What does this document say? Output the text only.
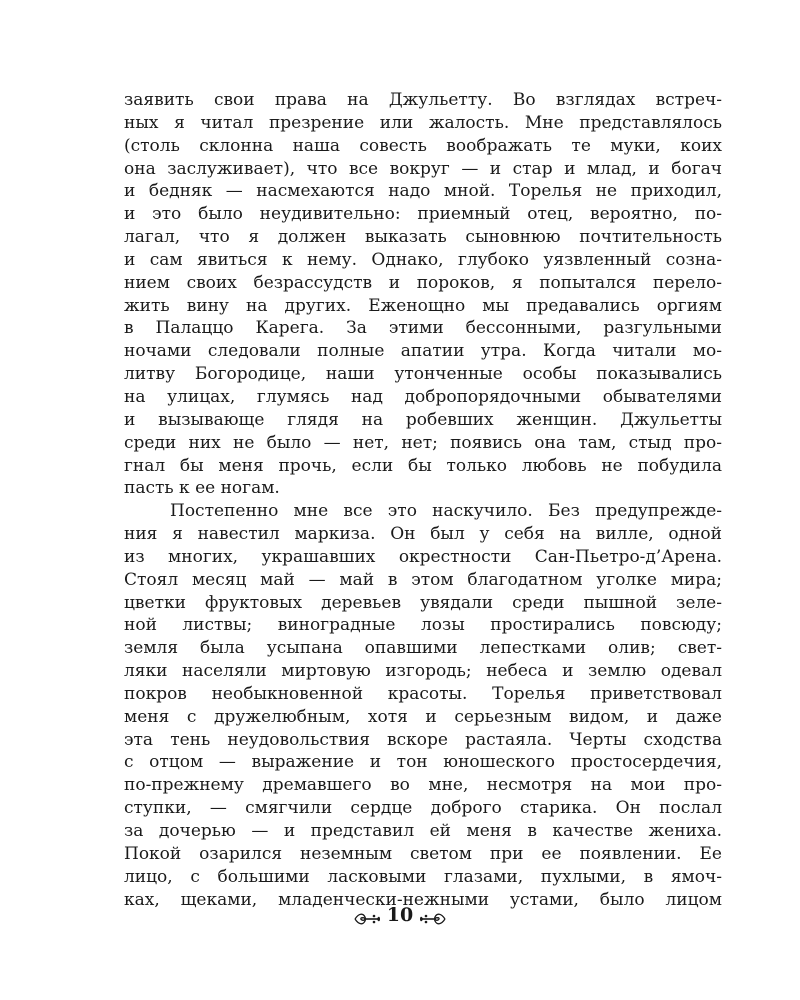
заявить свои права на Джульетту. Во взглядах встреч-
ных я читал презрение или жалость. Мне представлялось
(столь склонна наша совесть воображать те муки, коих
она заслуживает), что все вокруг — и стар и млад, и богач
и бедняк — насмехаются надо мной. Торелья не приходил,
и это было неудивительно: приемный отец, вероятно, по-
лагал, что я должен выказать сыновнюю почтительность
и сам явиться к нему. Однако, глубоко уязвленный созна-
нием своих безрассудств и пороков, я попытался перело-
жить вину на других. Еженощно мы предавались оргиям
в Палаццо Карега. За этими бессонными, разгульными
ночами следовали полные апатии утра. Когда читали мо-
литву Богородице, наши утонченные особы показывались
на улицах, глумясь над добропорядочными обывателями
и вызывающе глядя на робевших женщин. Джульетты
среди них не было — нет, нет; появись она там, стыд про-
гнал бы меня прочь, если бы только любовь не побудила
пасть к ее ногам.
Постепенно мне все это наскучило. Без предупрежде-
ния я навестил маркиза. Он был у себя на вилле, одной
из многих, украшавших окрестности Сан-Пьетро-д’Арена.
Стоял месяц май — май в этом благодатном уголке мира;
цветки фруктовых деревьев увядали среди пышной зеле-
ной листвы; виноградные лозы простирались повсюду;
земля была усыпана опавшими лепестками олив; свет-
ляки населяли миртовую изгородь; небеса и землю одевал
покров необыкновенной красоты. Торелья приветствовал
меня с дружелюбным, хотя и серьезным видом, и даже
эта тень неудовольствия вскоре растаяла. Черты сходства
с отцом — выражение и тон юношеского простосердечия,
по-прежнему дремавшего во мне, несмотря на мои про-
ступки, — смягчили сердце доброго старика. Он послал
за дочерью — и представил ей меня в качестве жениха.
Покой озарился неземным светом при ее появлении. Ее
лицо, с большими ласковыми глазами, пухлыми, в ямоч-
ках, щеками, младенчески-нежными устами, было лицом
10
